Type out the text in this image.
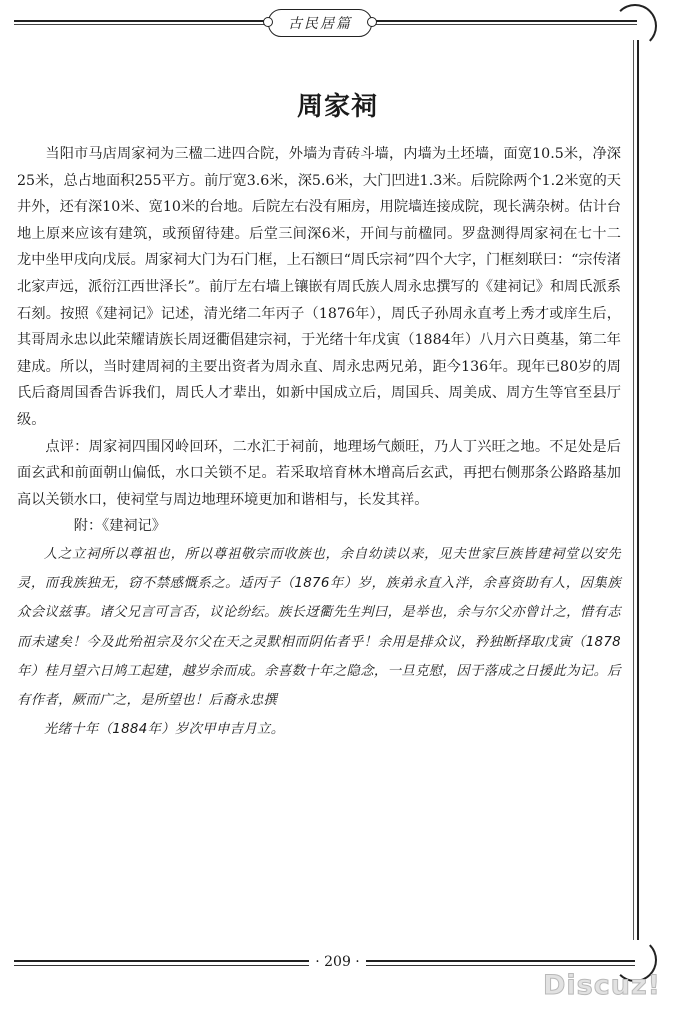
古民居篇
周家祠

当阳市马店周家祠为三楹二进四合院，外墙为青砖斗墙，内墙为土坯墙，面宽10.5米，净深25米，总占地面积255平方。前厅宽3.6米，深5.6米，大门凹进1.3米。后院除两个1.2米宽的天井外，还有深10米、宽10米的台地。后院左右没有厢房，用院墙连接成院，现长满杂树。估计台地上原来应该有建筑，或预留待建。后堂三间深6米，开间与前楹同。罗盘测得周家祠在七十二龙中坐甲戌向戊辰。周家祠大门为石门框，上石额曰“周氏宗祠”四个大字，门框刻联曰：“宗传渚北家声远，派衍江西世泽长”。前厅左右墙上镶嵌有周氏族人周永忠撰写的《建祠记》和周氏派系石刻。按照《建祠记》记述，清光绪二年丙子（1876年），周氏子孙周永直考上秀才或庠生后，其哥周永忠以此荣耀请族长周迓衢倡建宗祠，于光绪十年戊寅（1884年）八月六日奠基，第二年建成。所以，当时建周祠的主要出资者为周永直、周永忠两兄弟，距今136年。现年已80岁的周氏后裔周国香告诉我们，周氏人才辈出，如新中国成立后，周国兵、周美成、周方生等官至县厅级。

点评：周家祠四围冈岭回环，二水汇于祠前，地理场气颇旺，乃人丁兴旺之地。不足处是后面玄武和前面朝山偏低，水口关锁不足。若采取培育林木增高后玄武，再把右侧那条公路路基加高以关锁水口，使祠堂与周边地理环境更加和谐相与，长发其祥。

附：《建祠记》

人之立祠所以尊祖也，所以尊祖敬宗而收族也，余自幼读以来，见夫世家巨族皆建祠堂以安先灵，而我族独无，窃不禁感慨系之。适丙子（1876年）岁，族弟永直入泮，余喜资助有人，因集族众会议兹事。诸父兄言可言否，议论纷纭。族长迓衢先生判曰，是举也，余与尔父亦曾计之，惜有志而未逮矣！今及此殆祖宗及尔父在天之灵默相而阴佑者乎！余用是排众议，矜独断择取戊寅（1878年）桂月望六日鸠工起建，越岁余而成。余喜数十年之隐念，一旦克慰，因于落成之日援此为记。后有作者，厥而广之，是所望也！后裔永忠撰

光绪十年（1884年）岁次甲申吉月立。

· 209 ·
Discuz!
